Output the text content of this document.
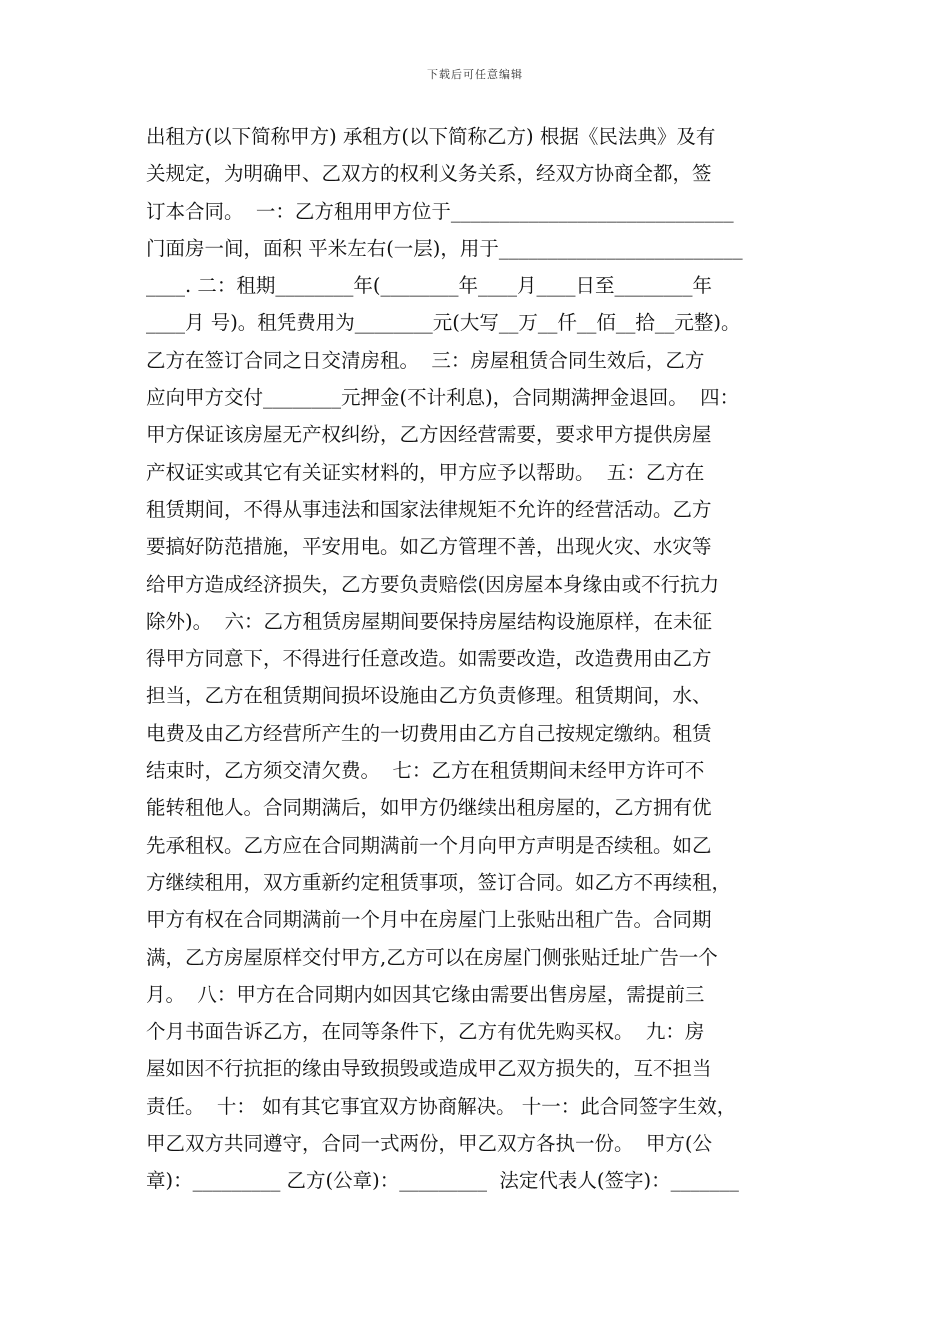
下载后可任意编辑
出租方(以下简称甲方) 承租方(以下简称乙方) 根据《民法典》及有
关规定，为明确甲、乙双方的权利义务关系，经双方协商全都，签
订本合同。  一：乙方租用甲方位于_____________________________
门面房一间，面积 平米左右(一层)，用于_________________________
____. 二：租期________年(________年____月____日至________年
____月 号)。租凭费用为________元(大写__万__仟__佰__拾__元整)。
乙方在签订合同之日交清房租。  三：房屋租赁合同生效后，乙方
应向甲方交付________元押金(不计利息)，合同期满押金退回。  四：
甲方保证该房屋无产权纠纷，乙方因经营需要，要求甲方提供房屋
产权证实或其它有关证实材料的，甲方应予以帮助。  五：乙方在
租赁期间，不得从事违法和国家法律规矩不允许的经营活动。乙方
要搞好防范措施，平安用电。如乙方管理不善，出现火灾、水灾等
给甲方造成经济损失，乙方要负责赔偿(因房屋本身缘由或不行抗力
除外)。  六：乙方租赁房屋期间要保持房屋结构设施原样，在未征
得甲方同意下，不得进行任意改造。如需要改造，改造费用由乙方
担当，乙方在租赁期间损坏设施由乙方负责修理。租赁期间，水、
电费及由乙方经营所产生的一切费用由乙方自己按规定缴纳。租赁
结束时，乙方须交清欠费。  七：乙方在租赁期间未经甲方许可不
能转租他人。合同期满后，如甲方仍继续出租房屋的，乙方拥有优
先承租权。乙方应在合同期满前一个月向甲方声明是否续租。如乙
方继续租用，双方重新约定租赁事项，签订合同。如乙方不再续租，
甲方有权在合同期满前一个月中在房屋门上张贴出租广告。合同期
满，乙方房屋原样交付甲方,乙方可以在房屋门侧张贴迁址广告一个
月。  八：甲方在合同期内如因其它缘由需要出售房屋，需提前三
个月书面告诉乙方，在同等条件下，乙方有优先购买权。  九：房
屋如因不行抗拒的缘由导致损毁或造成甲乙双方损失的，互不担当
责任。  十： 如有其它事宜双方协商解决。 十一：此合同签字生效，
甲乙双方共同遵守，合同一式两份，甲乙双方各执一份。  甲方(公
章)：_________ 乙方(公章)：_________  法定代表人(签字)：_______
